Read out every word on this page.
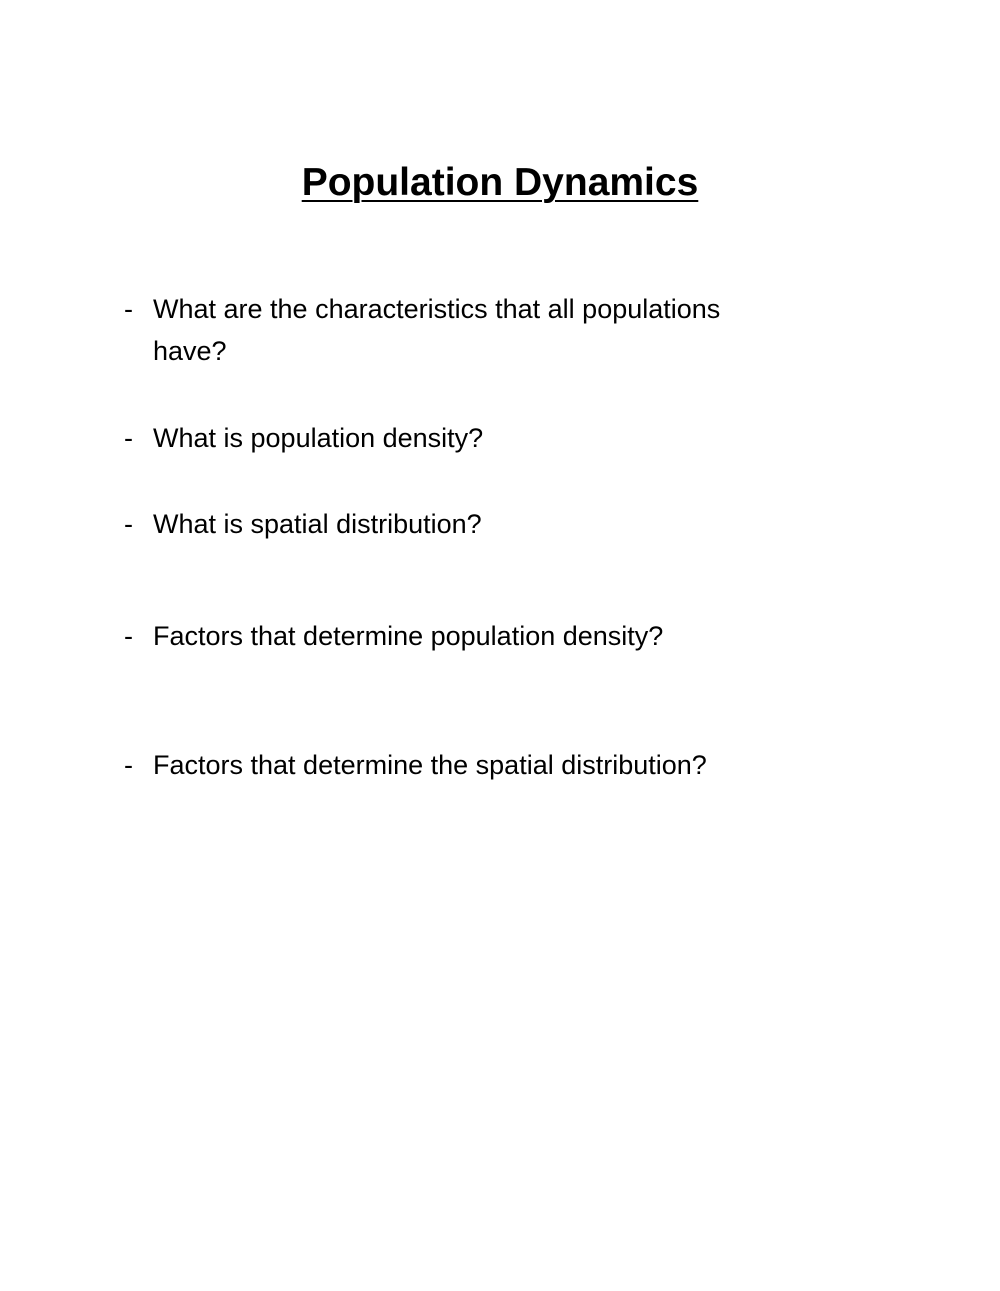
Population Dynamics
- What are the characteristics that all populations have?
- What is population density?
- What is spatial distribution?
- Factors that determine population density?
- Factors that determine the spatial distribution?
